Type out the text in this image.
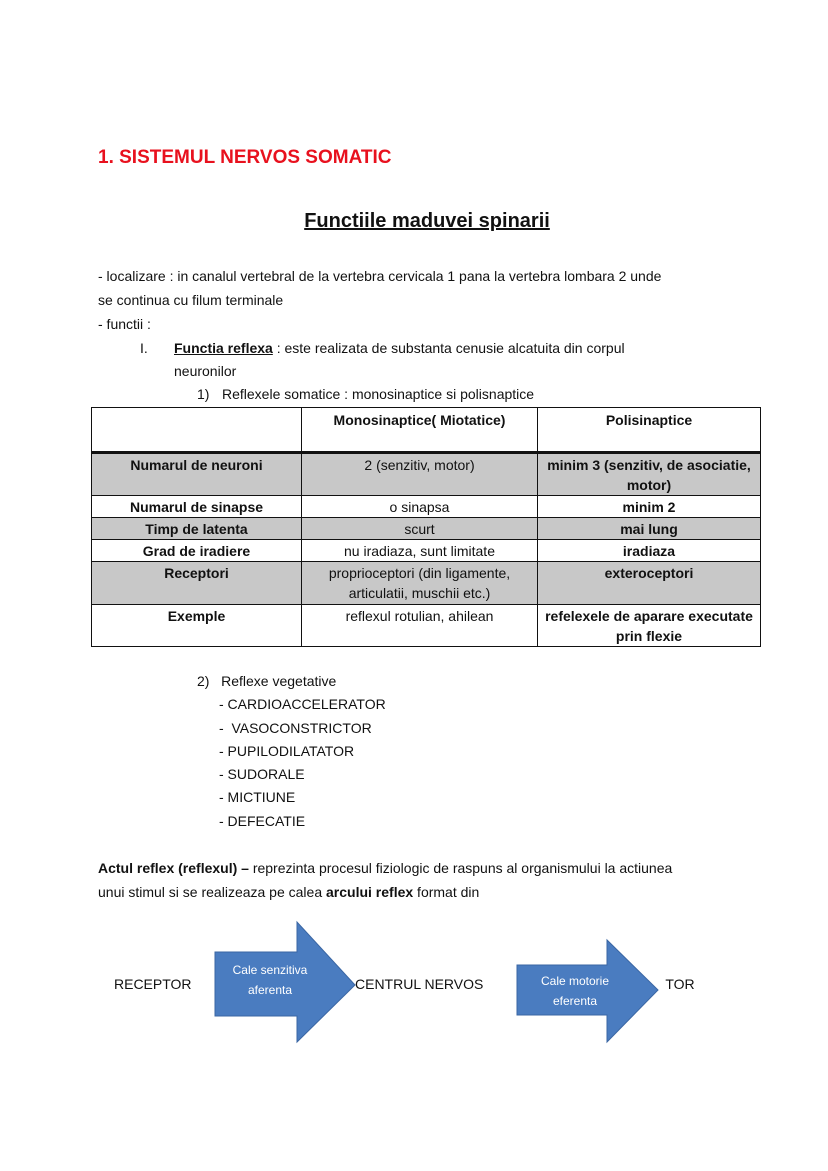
1. SISTEMUL NERVOS SOMATIC
Functiile maduvei spinarii
- localizare : in canalul vertebral de la vertebra cervicala 1 pana la vertebra lombara 2 unde
se continua cu filum terminale
- functii :
I. Functia reflexa : este realizata de substanta cenusie alcatuita din corpul
neuronilor
1) Reflexele somatice : monosinaptice si polisnaptice
	Monosinaptice( Miotatice)	Polisinaptice
Numarul de neuroni	2 (senzitiv, motor)	minim 3 (senzitiv, de asociatie, motor)
Numarul de sinapse	o sinapsa	minim 2
Timp de latenta	scurt	mai lung
Grad de iradiere	nu iradiaza, sunt limitate	iradiaza
Receptori	proprioceptori (din ligamente, articulatii, muschii etc.)	exteroceptori
Exemple	reflexul rotulian, ahilean	refelexele de aparare executate prin flexie
2) Reflexe vegetative
- CARDIOACCELERATOR
-  VASOCONSTRICTOR
- PUPILODILATATOR
- SUDORALE
- MICTIUNE
- DEFECATIE
Actul reflex (reflexul) – reprezinta procesul fiziologic de raspuns al organismului la actiunea
unui stimul si se realizeaza pe calea arcului reflex format din
RECEPTOR	CENTRUL NERVOS	TOR
Cale senzitiva
aferenta
Cale motorie
eferenta
